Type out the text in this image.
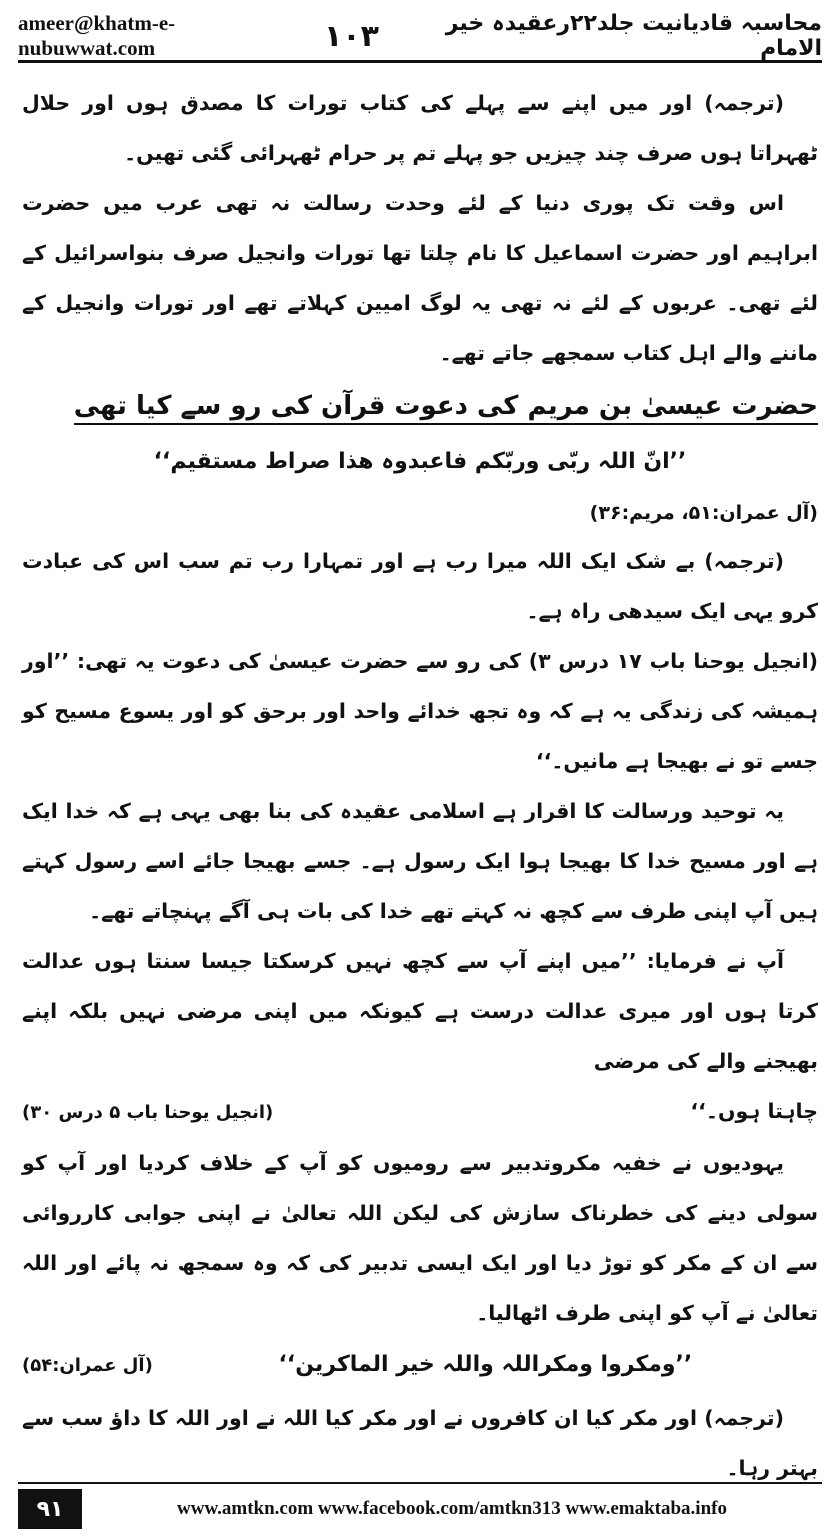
ameer@khatm-e-nubuwwat.com	١٠٣	محاسبہ قادیانیت جلد۲۲رعقیدہ خیر الامام

(ترجمہ) اور میں اپنے سے پہلے کی کتاب تورات کا مصدق ہوں اور حلال ٹھہراتا ہوں صرف چند چیزیں جو پہلے تم پر حرام ٹھہرائی گئی تھیں۔

اس وقت تک پوری دنیا کے لئے وحدت رسالت نہ تھی عرب میں حضرت ابراہیم اور حضرت اسماعیل کا نام چلتا تھا تورات وانجیل صرف بنواسرائیل کے لئے تھی۔ عربوں کے لئے نہ تھی یہ لوگ امیین کہلاتے تھے اور تورات وانجیل کے ماننے والے اہل کتاب سمجھے جاتے تھے۔

حضرت عیسیٰ بن مریم کی دعوت قرآن کی رو سے کیا تھی

’’انّ اللہ ربّی وربّکم فاعبدوہ ھذا صراط مستقیم‘‘

(آل عمران:۵۱، مریم:۳۶)

(ترجمہ) بے شک ایک اللہ میرا رب ہے اور تمہارا رب تم سب اس کی عبادت کرو یہی ایک سیدھی راہ ہے۔

(انجیل یوحنا باب ۱۷ درس ۳) کی رو سے حضرت عیسیٰ کی دعوت یہ تھی: ’’اور ہمیشہ کی زندگی یہ ہے کہ وہ تجھ خدائے واحد اور برحق کو اور یسوع مسیح کو جسے تو نے بھیجا ہے مانیں۔‘‘

یہ توحید ورسالت کا اقرار ہے اسلامی عقیدہ کی بنا بھی یہی ہے کہ خدا ایک ہے اور مسیح خدا کا بھیجا ہوا ایک رسول ہے۔ جسے بھیجا جائے اسے رسول کہتے ہیں آپ اپنی طرف سے کچھ نہ کہتے تھے خدا کی بات ہی آگے پہنچاتے تھے۔

آپ نے فرمایا: ’’میں اپنے آپ سے کچھ نہیں کرسکتا جیسا سنتا ہوں عدالت کرتا ہوں اور میری عدالت درست ہے کیونکہ میں اپنی مرضی نہیں بلکہ اپنے بھیجنے والے کی مرضی

چاہتا ہوں۔‘‘
(انجیل یوحنا باب ۵ درس ۳۰)

یہودیوں نے خفیہ مکروتدبیر سے رومیوں کو آپ کے خلاف کردیا اور آپ کو سولی دینے کی خطرناک سازش کی لیکن اللہ تعالیٰ نے اپنی جوابی کارروائی سے ان کے مکر کو توڑ دیا اور ایک ایسی تدبیر کی کہ وہ سمجھ نہ پائے اور اللہ تعالیٰ نے آپ کو اپنی طرف اٹھالیا۔

’’ومکروا ومکراللہ واللہ خیر الماکرین‘‘
(آل عمران:۵۴)

(ترجمہ) اور مکر کیا ان کافروں نے اور مکر کیا اللہ نے اور اللہ کا داؤ سب سے بہتر رہا۔

٩١	www.amtkn.com www.facebook.com/amtkn313 www.emaktaba.info
